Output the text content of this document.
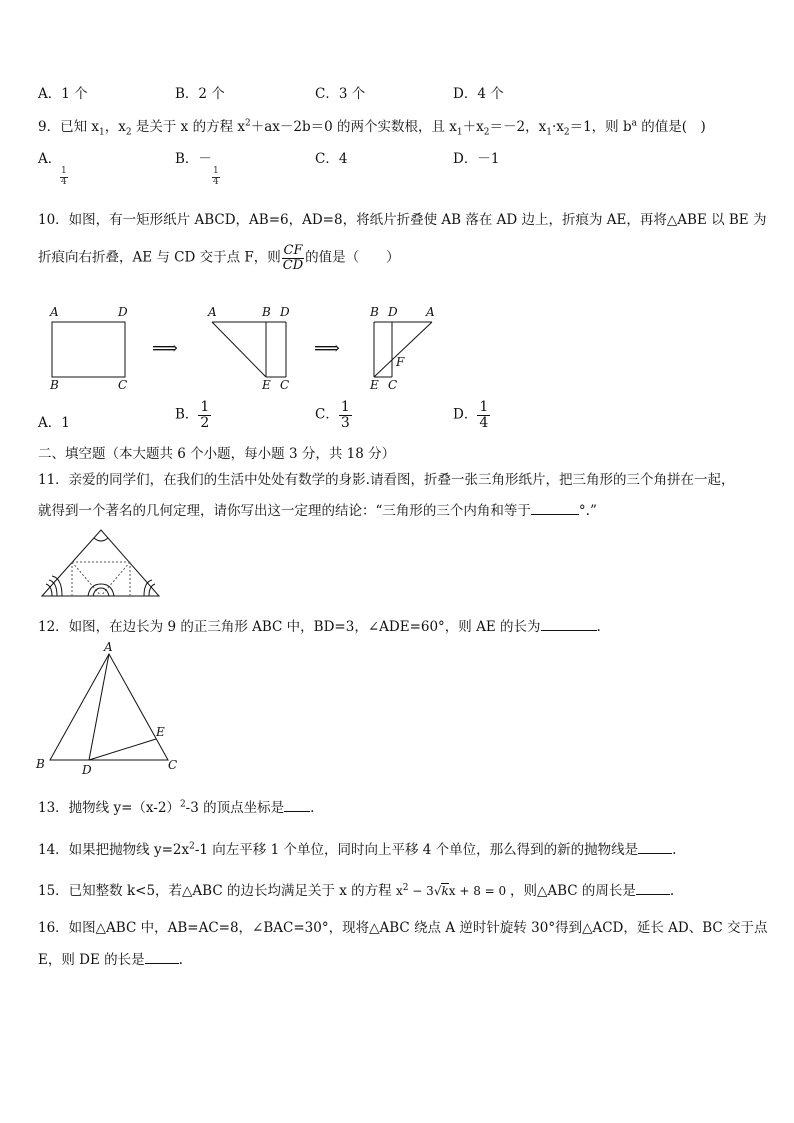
A．1 个	B．2 个	C．3 个	D．4 个
9．已知 $x_1$，$x_2$ 是关于 x 的方程 $x^2+ax-2b=0$ 的两个实数根，且 $x_1+x_2=-2$，$x_1\cdot x_2=1$，则 $b^a$ 的值是(　)
A．

$\frac{1}{4}$
B．－

$\frac{1}{4}$
C．4	D．－1
10．如图，有一矩形纸片 ABCD，AB=6，AD=8，将纸片折叠使 AB 落在 AD 边上，折痕为 AE，再将△ABE 以 BE 为
折痕向右折叠，AE 与 CD 交于点 F，则 $\frac{CF}{CD}$ 的值是（　　）
A	D
B	C
⟹
A	B D
E C
⟹
B D A
F
E C
A．1
B． $\frac{1}{2}$	C． $\frac{1}{3}$	D． $\frac{1}{4}$
二、填空题（本大题共 6 个小题，每小题 3 分，共 18 分）
11．亲爱的同学们，在我们的生活中处处有数学的身影.请看图，折叠一张三角形纸片，把三角形的三个角拼在一起，
就得到一个著名的几何定理，请你写出这一定理的结论：“三角形的三个内角和等于	°.”
12．如图，在边长为 9 的正三角形 ABC 中，BD=3，∠ADE=60°，则 AE 的长为	.
A
B	C
D
E
13．抛物线 $y=(x-2)^2-3$ 的顶点坐标是 .
14．如果把抛物线 $y=2x^2-1$ 向左平移 1 个单位，同时向上平移 4 个单位，那么得到的新的抛物线是	.
15．已知整数 k<5，若△ABC 的边长均满足关于 x 的方程 $x^2 - 3√kx + 8 = 0$ ，则△ABC 的周长是	.
16．如图△ABC 中，AB=AC=8，∠BAC=30°，现将△ABC 绕点 A 逆时针旋转 30°得到△ACD，延长 AD、BC 交于点
E，则 DE 的长是	.
